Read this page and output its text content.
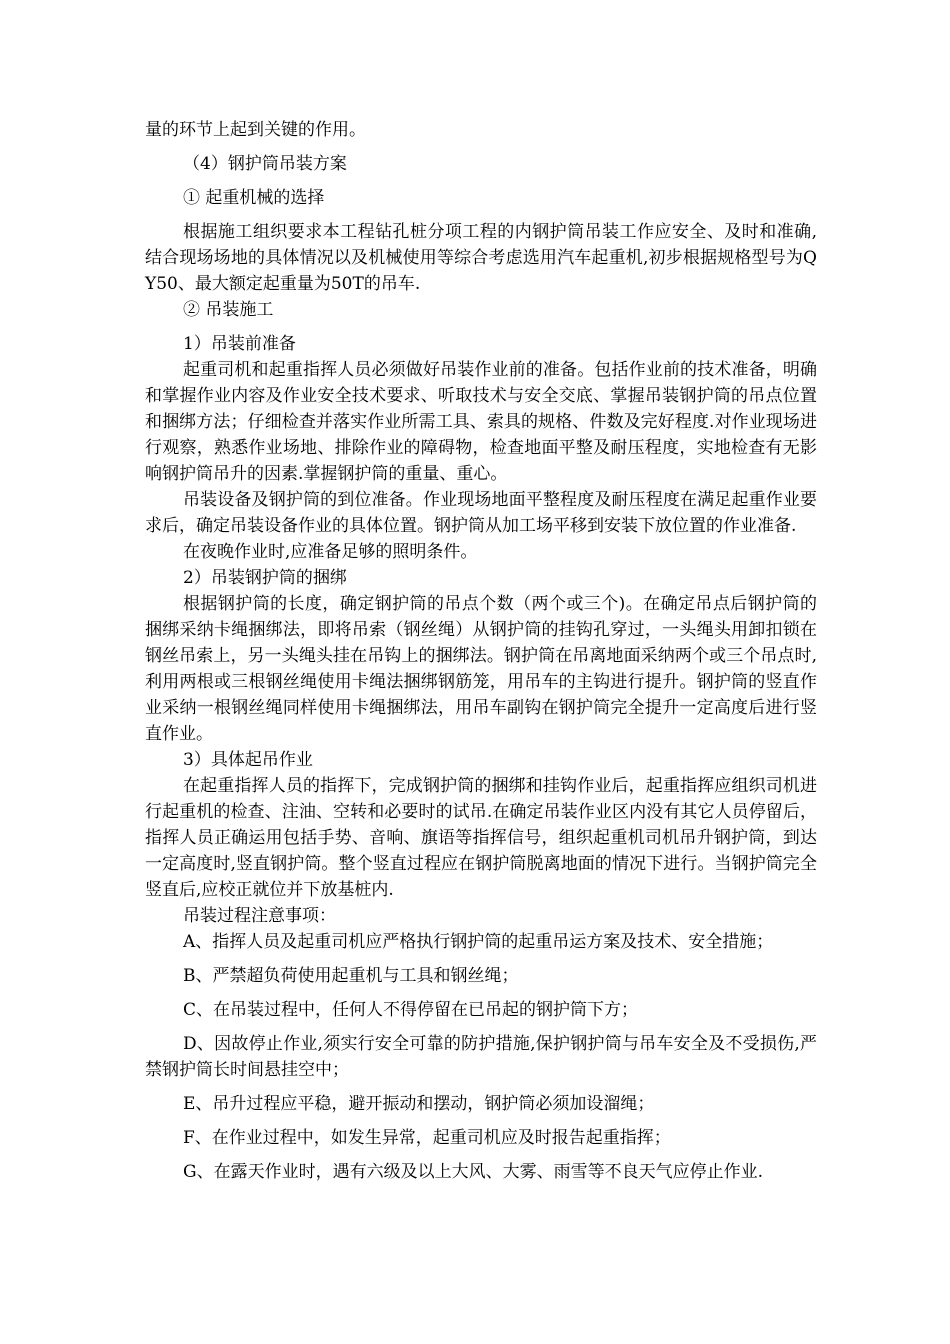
量的环节上起到关键的作用。

（4）钢护筒吊装方案

① 起重机械的选择

根据施工组织要求本工程钻孔桩分项工程的内钢护筒吊装工作应安全、及时和准确,结合现场场地的具体情况以及机械使用等综合考虑选用汽车起重机,初步根据规格型号为QY50、最大额定起重量为50T的吊车.

② 吊装施工

1）吊装前准备

起重司机和起重指挥人员必须做好吊装作业前的准备。包括作业前的技术准备，明确和掌握作业内容及作业安全技术要求、听取技术与安全交底、掌握吊装钢护筒的吊点位置和捆绑方法；仔细检查并落实作业所需工具、索具的规格、件数及完好程度.对作业现场进行观察，熟悉作业场地、排除作业的障碍物，检查地面平整及耐压程度，实地检查有无影响钢护筒吊升的因素.掌握钢护筒的重量、重心。

吊装设备及钢护筒的到位准备。作业现场地面平整程度及耐压程度在满足起重作业要求后，确定吊装设备作业的具体位置。钢护筒从加工场平移到安装下放位置的作业准备.

在夜晚作业时,应准备足够的照明条件。

2）吊装钢护筒的捆绑

根据钢护筒的长度，确定钢护筒的吊点个数（两个或三个)。在确定吊点后钢护筒的捆绑采纳卡绳捆绑法，即将吊索（钢丝绳）从钢护筒的挂钩孔穿过，一头绳头用卸扣锁在钢丝吊索上，另一头绳头挂在吊钩上的捆绑法。钢护筒在吊离地面采纳两个或三个吊点时,利用两根或三根钢丝绳使用卡绳法捆绑钢筋笼，用吊车的主钩进行提升。钢护筒的竖直作业采纳一根钢丝绳同样使用卡绳捆绑法，用吊车副钩在钢护筒完全提升一定高度后进行竖直作业。

3）具体起吊作业

在起重指挥人员的指挥下，完成钢护筒的捆绑和挂钩作业后，起重指挥应组织司机进行起重机的检查、注油、空转和必要时的试吊.在确定吊装作业区内没有其它人员停留后，指挥人员正确运用包括手势、音响、旗语等指挥信号，组织起重机司机吊升钢护筒，到达一定高度时,竖直钢护筒。整个竖直过程应在钢护筒脱离地面的情况下进行。当钢护筒完全竖直后,应校正就位并下放基桩内.

吊装过程注意事项：

A、指挥人员及起重司机应严格执行钢护筒的起重吊运方案及技术、安全措施；

B、严禁超负荷使用起重机与工具和钢丝绳；

C、在吊装过程中，任何人不得停留在已吊起的钢护筒下方；

D、因故停止作业,须实行安全可靠的防护措施,保护钢护筒与吊车安全及不受损伤,严禁钢护筒长时间悬挂空中；

E、吊升过程应平稳，避开振动和摆动，钢护筒必须加设溜绳；

F、在作业过程中，如发生异常，起重司机应及时报告起重指挥；

G、在露天作业时，遇有六级及以上大风、大雾、雨雪等不良天气应停止作业.
